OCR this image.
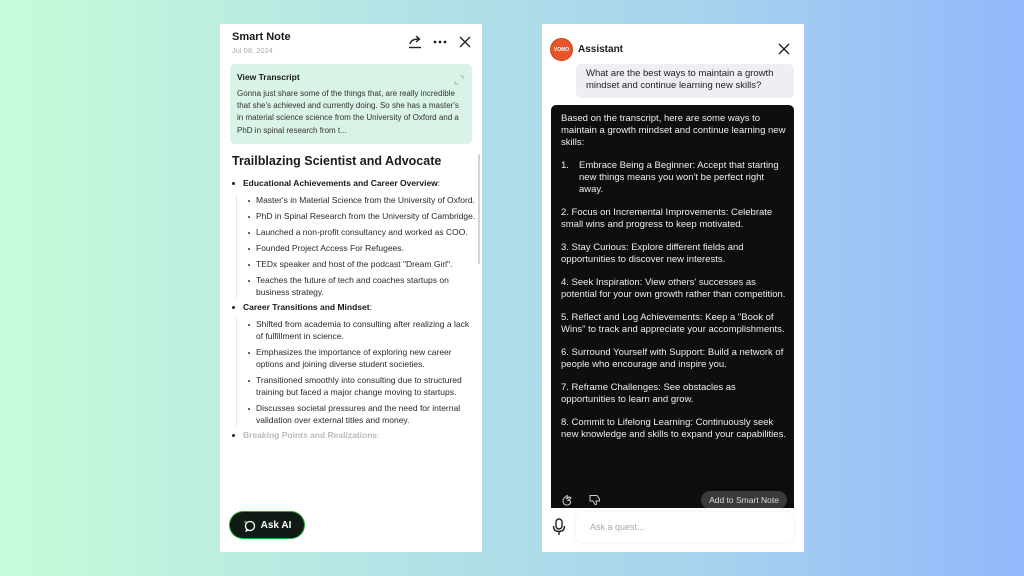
Smart Note
Jul 08, 2024
View Transcript
Gonna just share some of the things that, are really incredible that she's achieved and currently doing. So she has a master's in material science science from the University of Oxford and a PhD in spinal research from t...
Trailblazing Scientist and Advocate
Educational Achievements and Career Overview:
Master's in Material Science from the University of Oxford.
PhD in Spinal Research from the University of Cambridge.
Launched a non-profit consultancy and worked as COO.
Founded Project Access For Refugees.
TEDx speaker and host of the podcast "Dream Girl".
Teaches the future of tech and coaches startups on business strategy.
Career Transitions and Mindset:
Shifted from academia to consulting after realizing a lack of fulfillment in science.
Emphasizes the importance of exploring new career options and joining diverse student societies.
Transitioned smoothly into consulting due to structured training but faced a major change moving to startups.
Discusses societal pressures and the need for internal validation over external titles and money.
Breaking Points and Realizations:
Ask AI
VOMO Assistant
What are the best ways to maintain a growth mindset and continue learning new skills?

Based on the transcript, here are some ways to maintain a growth mindset and continue learning new skills:

1.	Embrace Being a Beginner: Accept that starting new things means you won't be perfect right away.

2. Focus on Incremental Improvements: Celebrate small wins and progress to keep motivated.

3. Stay Curious: Explore different fields and opportunities to discover new interests.

4. Seek Inspiration: View others' successes as potential for your own growth rather than competition.

5. Reflect and Log Achievements: Keep a "Book of Wins" to track and appreciate your accomplishments.

6. Surround Yourself with Support: Build a network of people who encourage and inspire you.

7. Reframe Challenges: See obstacles as opportunities to learn and grow.

8. Commit to Lifelong Learning: Continuously seek new knowledge and skills to expand your capabilities.

Add to Smart Note
Ask a quest...
